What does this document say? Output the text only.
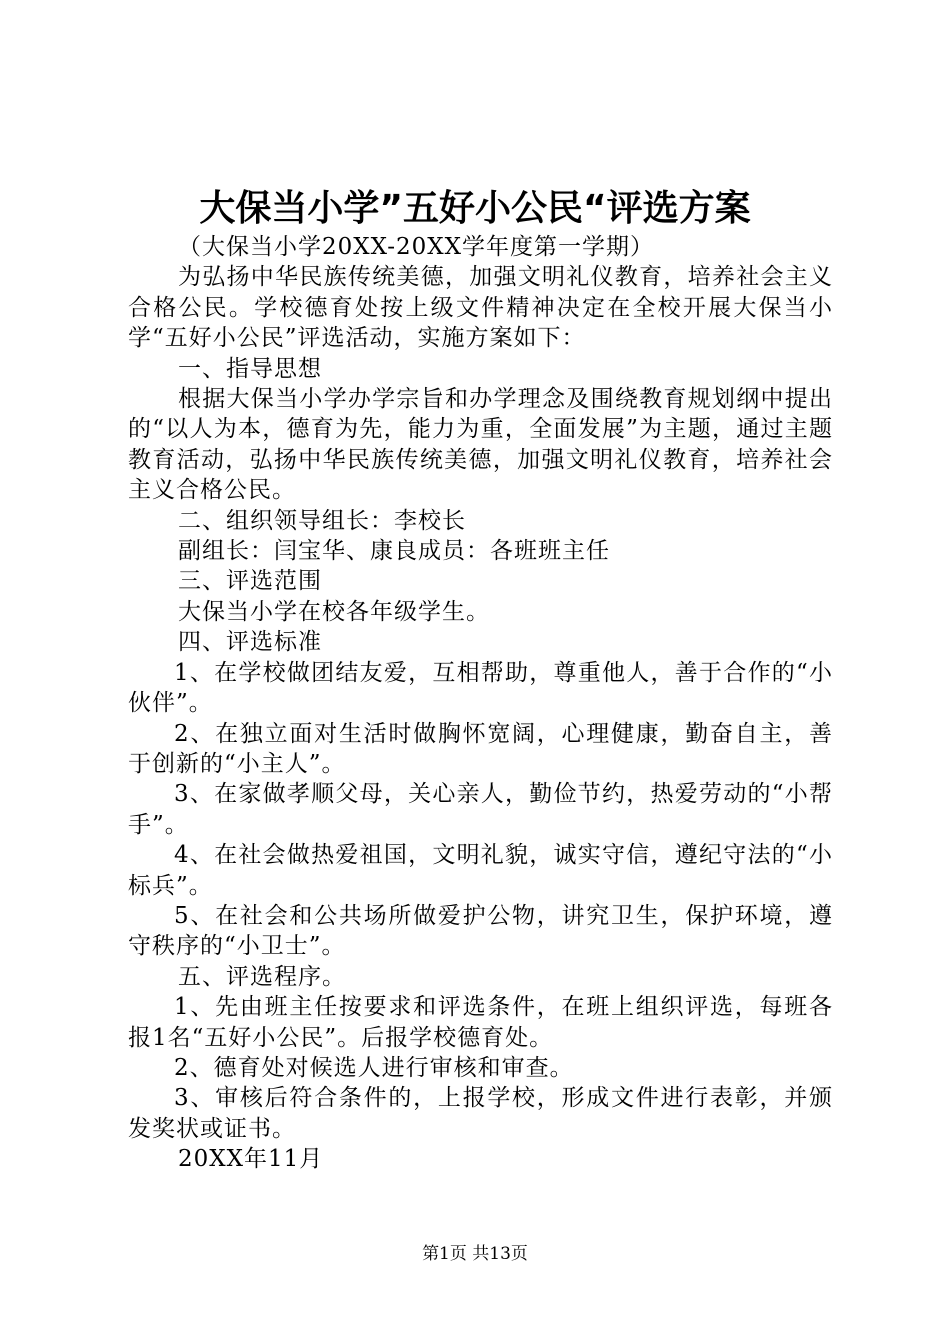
大保当小学”五好小公民“评选方案

（大保当小学20XX-20XX学年度第一学期）

为弘扬中华民族传统美德，加强文明礼仪教育，培养社会主义合格公民。学校德育处按上级文件精神决定在全校开展大保当小学“五好小公民”评选活动，实施方案如下：

一、指导思想

根据大保当小学办学宗旨和办学理念及围绕教育规划纲中提出的“以人为本，德育为先，能力为重，全面发展”为主题，通过主题教育活动，弘扬中华民族传统美德，加强文明礼仪教育，培养社会主义合格公民。

二、组织领导组长：李校长

副组长：闫宝华、康良成员：各班班主任

三、评选范围

大保当小学在校各年级学生。

四、评选标准

1、在学校做团结友爱，互相帮助，尊重他人，善于合作的“小伙伴”。

2、在独立面对生活时做胸怀宽阔，心理健康，勤奋自主，善于创新的“小主人”。

3、在家做孝顺父母，关心亲人，勤俭节约，热爱劳动的“小帮手”。

4、在社会做热爱祖国，文明礼貌，诚实守信，遵纪守法的“小标兵”。

5、在社会和公共场所做爱护公物，讲究卫生，保护环境，遵守秩序的“小卫士”。

五、评选程序。

1、先由班主任按要求和评选条件，在班上组织评选，每班各报1名“五好小公民”。后报学校德育处。

2、德育处对候选人进行审核和审查。

3、审核后符合条件的，上报学校，形成文件进行表彰，并颁发奖状或证书。

20XX年11月

第1页 共13页
